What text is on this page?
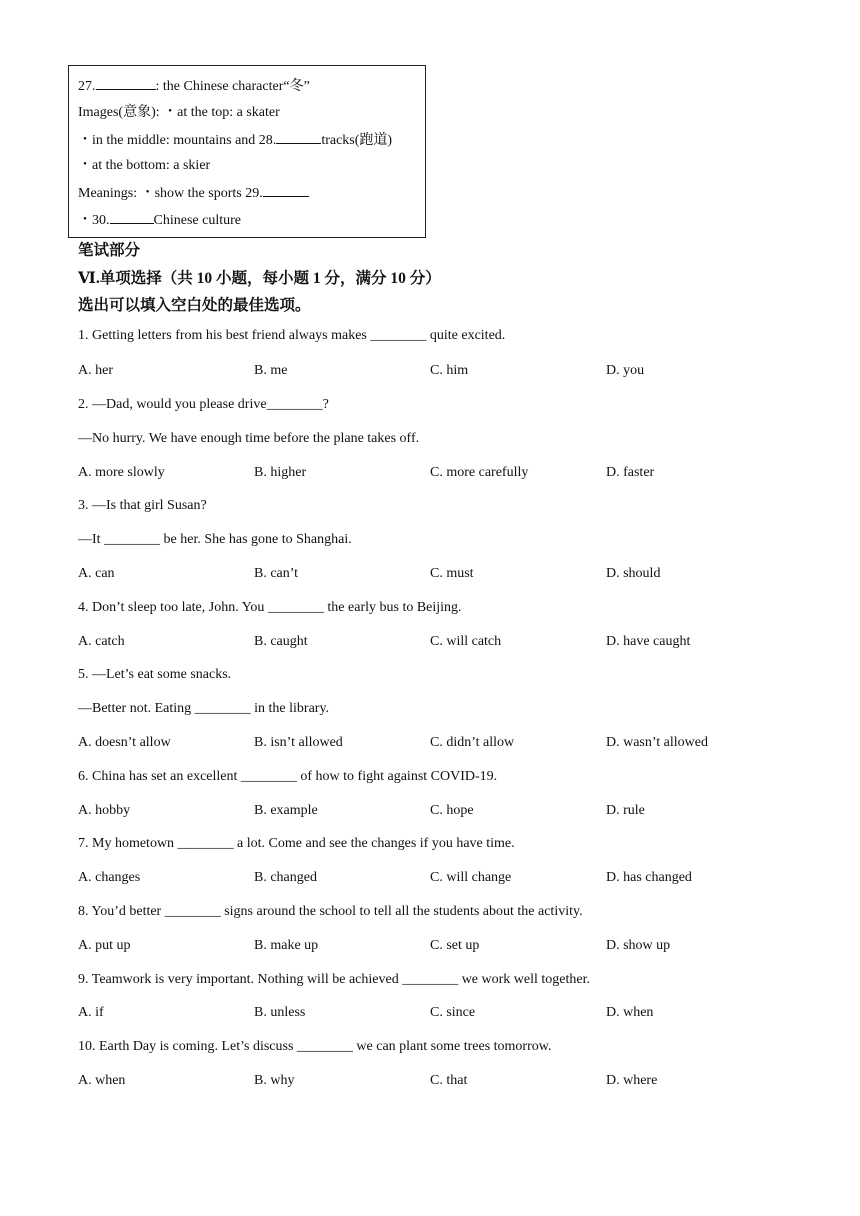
27.	: the Chinese character“冬”
Images(意象): ・at the top: a skater
・in the middle: mountains and 28.	tracks(跑道)
・at the bottom: a skier
Meanings: ・show the sports 29.
・30.	Chinese culture
笔试部分
Ⅵ.单项选择（共 10 小题，每小题 1 分，满分 10 分）
选出可以填入空白处的最佳选项。
1. Getting letters from his best friend always makes ________ quite excited.
A. her	B. me	C. him	D. you
2. —Dad, would you please drive________?
—No hurry. We have enough time before the plane takes off.
A. more slowly	B. higher	C. more carefully	D. faster
3. —Is that girl Susan?
—It ________ be her. She has gone to Shanghai.
A. can	B. can’t	C. must	D. should
4. Don’t sleep too late, John. You ________ the early bus to Beijing.
A. catch	B. caught	C. will catch	D. have caught
5. —Let’s eat some snacks.
—Better not. Eating ________ in the library.
A. doesn’t allow	B. isn’t allowed	C. didn’t allow	D. wasn’t allowed
6. China has set an excellent ________ of how to fight against COVID-19.
A. hobby	B. example	C. hope	D. rule
7. My hometown ________ a lot. Come and see the changes if you have time.
A. changes	B. changed	C. will change	D. has changed
8. You’d better ________ signs around the school to tell all the students about the activity.
A. put up	B. make up	C. set up	D. show up
9. Teamwork is very important. Nothing will be achieved ________ we work well together.
A. if	B. unless	C. since	D. when
10. Earth Day is coming. Let’s discuss ________ we can plant some trees tomorrow.
A. when	B. why	C. that	D. where
